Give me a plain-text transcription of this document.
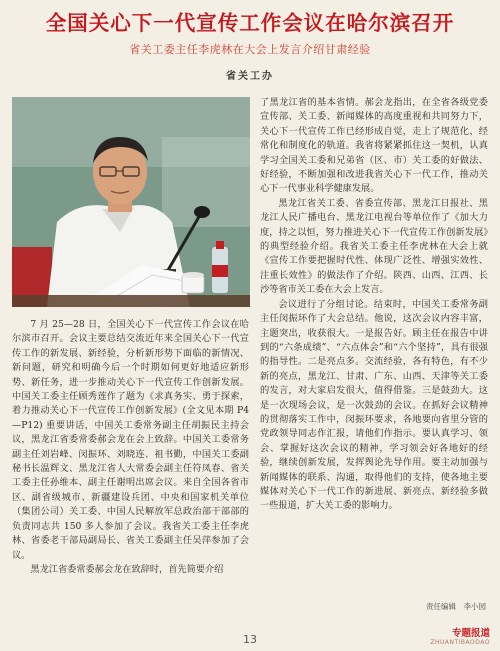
全国关心下一代宣传工作会议在哈尔滨召开
省关工委主任李虎林在大会上发言介绍甘肃经验
省关工办

7 月 25—28 日，全国关心下一代宣传工作会议在哈尔滨市召开。会议主要总结交流近年来全国关心下一代宣传工作的新发展、新经验，分析新形势下面临的新情况、新问题，研究和明确今后一个时期如何更好地适应新形势、新任务，进一步推动关心下一代宣传工作创新发展。中国关工委主任顾秀莲作了题为《求真务实、勇于探索，着力推动关心下一代宣传工作创新发展》(全文见本期 P4—P12) 重要讲话，中国关工委常务副主任胡振民主持会议，黑龙江省委常委郝会龙在会上致辞。中国关工委常务副主任刘岩峰、闵振环、刘晓连、祖书勤，中国关工委副秘书长温辉文、黑龙江省人大常委会副主任符凤春、省关工委主任孙维本、副主任谢明出席会议。来自全国各省市区、副省级城市、新疆建设兵团、中央和国家机关单位（集团公司）关工委、中国人民解放军总政治部干部部的负责同志共 150 多人参加了会议。我省关工委主任李虎林、省委老干部局副局长、省关工委副主任吴萍参加了会议。

黑龙江省委常委郝会龙在致辞时，首先简要介绍

了黑龙江省的基本省情。郝会龙指出，在全省各级党委宣传部、关工委、新闻媒体的高度重视和共同努力下，关心下一代宣传工作已经形成自觉，走上了规范化、经常化和制度化的轨道。我省将紧紧抓住这一契机，认真学习全国关工委和兄弟省（区、市）关工委的好做法、好经验，不断加强和改进我省关心下一代工作，推动关心下一代事业科学健康发展。

黑龙江省关工委、省委宣传部、黑龙江日报社、黑龙江人民广播电台、黑龙江电视台等单位作了《加大力度，持之以恒，努力推进关心下一代宣传工作创新发展》的典型经验介绍。我省关工委主任李虎林在大会上就《宣传工作要把握时代性、体现广泛性、增强实效性、注重长效性》的做法作了介绍。陕西、山西、江西、长沙等省市关工委在大会上发言。

会议进行了分组讨论。结束时，中国关工委常务副主任闵振环作了大会总结。他说，这次会议内容丰富，主题突出，收获很大。一是报告好。顾主任在报告中讲到的“六条成绩”、“六点体会”和“六个坚持”，具有很强的指导性。二是亮点多。交流经验，各有特色，有不少新的亮点，黑龙江、甘肃、广东、山西、天津等关工委的发言，对大家启发很大，值得借鉴。三是鼓劲大。这是一次现场会议，是一次鼓劲的会议。在抓好会议精神的贯彻落实工作中，闵振环要求，各地要向省里分管的党政领导同志作汇报，请他们作指示。要认真学习、领会、掌握好这次会议的精神，学习领会好各地好的经验，继续创新发展，发挥舆论先导作用。要主动加强与新闻媒体的联系、沟通，取得他们的支持，使各地主要媒体对关心下一代工作的新进展、新亮点、新经验多做一些报道，扩大关工委的影响力。

责任编辑　李小园
13	专题报道
ZHUANTIBAODAO
